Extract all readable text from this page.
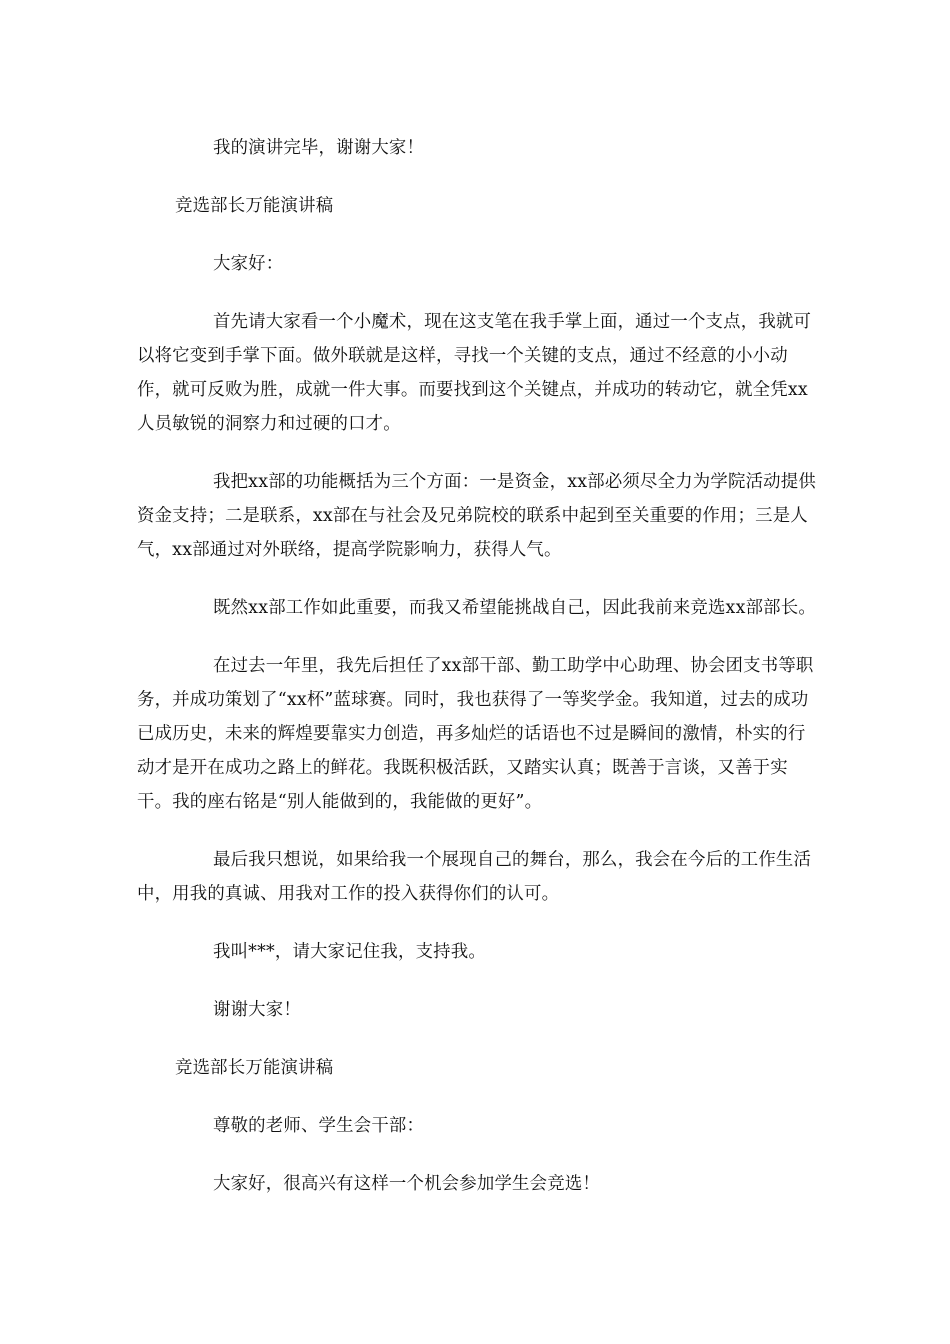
我的演讲完毕，谢谢大家！

竞选部长万能演讲稿

大家好：

首先请大家看一个小魔术，现在这支笔在我手掌上面，通过一个支点，我就可以将它变到手掌下面。做外联就是这样，寻找一个关键的支点，通过不经意的小小动作，就可反败为胜，成就一件大事。而要找到这个关键点，并成功的转动它，就全凭xx人员敏锐的洞察力和过硬的口才。

我把xx部的功能概括为三个方面：一是资金，xx部必须尽全力为学院活动提供资金支持；二是联系，xx部在与社会及兄弟院校的联系中起到至关重要的作用；三是人气，xx部通过对外联络，提高学院影响力，获得人气。

既然xx部工作如此重要，而我又希望能挑战自己，因此我前来竞选xx部部长。

在过去一年里，我先后担任了xx部干部、勤工助学中心助理、协会团支书等职务，并成功策划了“xx杯”蓝球赛。同时，我也获得了一等奖学金。我知道，过去的成功已成历史，未来的辉煌要靠实力创造，再多灿烂的话语也不过是瞬间的激情，朴实的行动才是开在成功之路上的鲜花。我既积极活跃，又踏实认真；既善于言谈，又善于实干。我的座右铭是“别人能做到的，我能做的更好”。

最后我只想说，如果给我一个展现自己的舞台，那么，我会在今后的工作生活中，用我的真诚、用我对工作的投入获得你们的认可。

我叫***，请大家记住我，支持我。

谢谢大家！

竞选部长万能演讲稿

尊敬的老师、学生会干部：

大家好，很高兴有这样一个机会参加学生会竞选！
